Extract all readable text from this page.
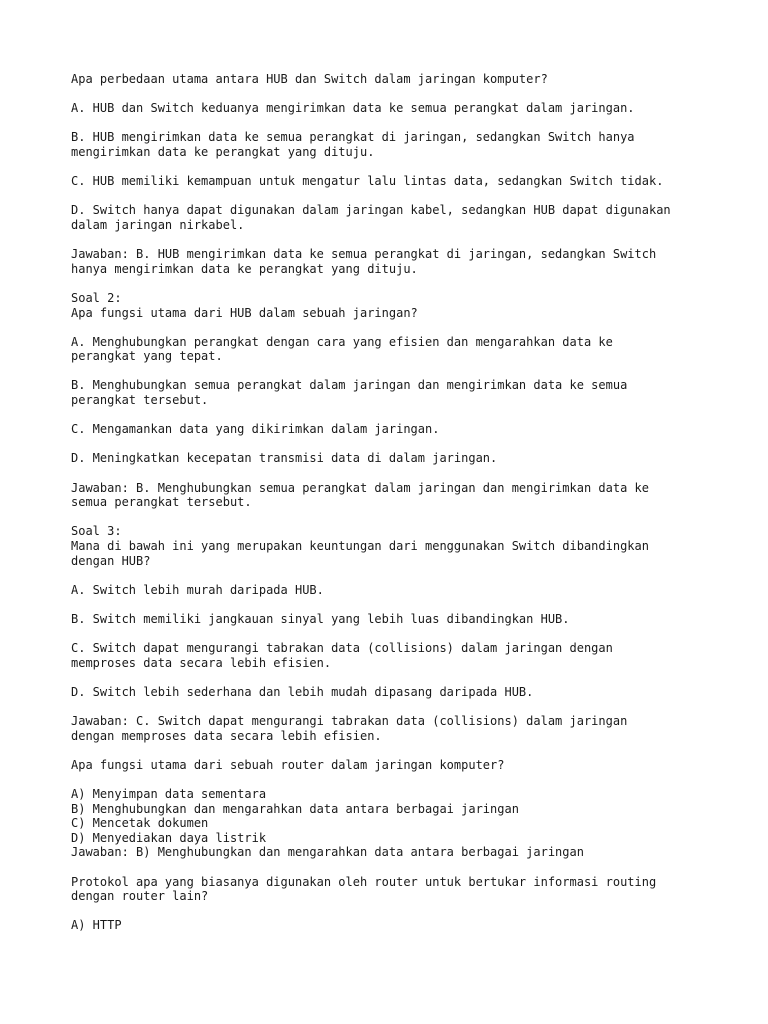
Apa perbedaan utama antara HUB dan Switch dalam jaringan komputer?
A. HUB dan Switch keduanya mengirimkan data ke semua perangkat dalam jaringan.
B. HUB mengirimkan data ke semua perangkat di jaringan, sedangkan Switch hanya
mengirimkan data ke perangkat yang dituju.
C. HUB memiliki kemampuan untuk mengatur lalu lintas data, sedangkan Switch tidak.
D. Switch hanya dapat digunakan dalam jaringan kabel, sedangkan HUB dapat digunakan
dalam jaringan nirkabel.
Jawaban: B. HUB mengirimkan data ke semua perangkat di jaringan, sedangkan Switch
hanya mengirimkan data ke perangkat yang dituju.
Soal 2:
Apa fungsi utama dari HUB dalam sebuah jaringan?
A. Menghubungkan perangkat dengan cara yang efisien dan mengarahkan data ke
perangkat yang tepat.
B. Menghubungkan semua perangkat dalam jaringan dan mengirimkan data ke semua
perangkat tersebut.
C. Mengamankan data yang dikirimkan dalam jaringan.
D. Meningkatkan kecepatan transmisi data di dalam jaringan.
Jawaban: B. Menghubungkan semua perangkat dalam jaringan dan mengirimkan data ke
semua perangkat tersebut.
Soal 3:
Mana di bawah ini yang merupakan keuntungan dari menggunakan Switch dibandingkan
dengan HUB?
A. Switch lebih murah daripada HUB.
B. Switch memiliki jangkauan sinyal yang lebih luas dibandingkan HUB.
C. Switch dapat mengurangi tabrakan data (collisions) dalam jaringan dengan
memproses data secara lebih efisien.
D. Switch lebih sederhana dan lebih mudah dipasang daripada HUB.
Jawaban: C. Switch dapat mengurangi tabrakan data (collisions) dalam jaringan
dengan memproses data secara lebih efisien.
Apa fungsi utama dari sebuah router dalam jaringan komputer?
A) Menyimpan data sementara
B) Menghubungkan dan mengarahkan data antara berbagai jaringan
C) Mencetak dokumen
D) Menyediakan daya listrik
Jawaban: B) Menghubungkan dan mengarahkan data antara berbagai jaringan
Protokol apa yang biasanya digunakan oleh router untuk bertukar informasi routing
dengan router lain?
A) HTTP
